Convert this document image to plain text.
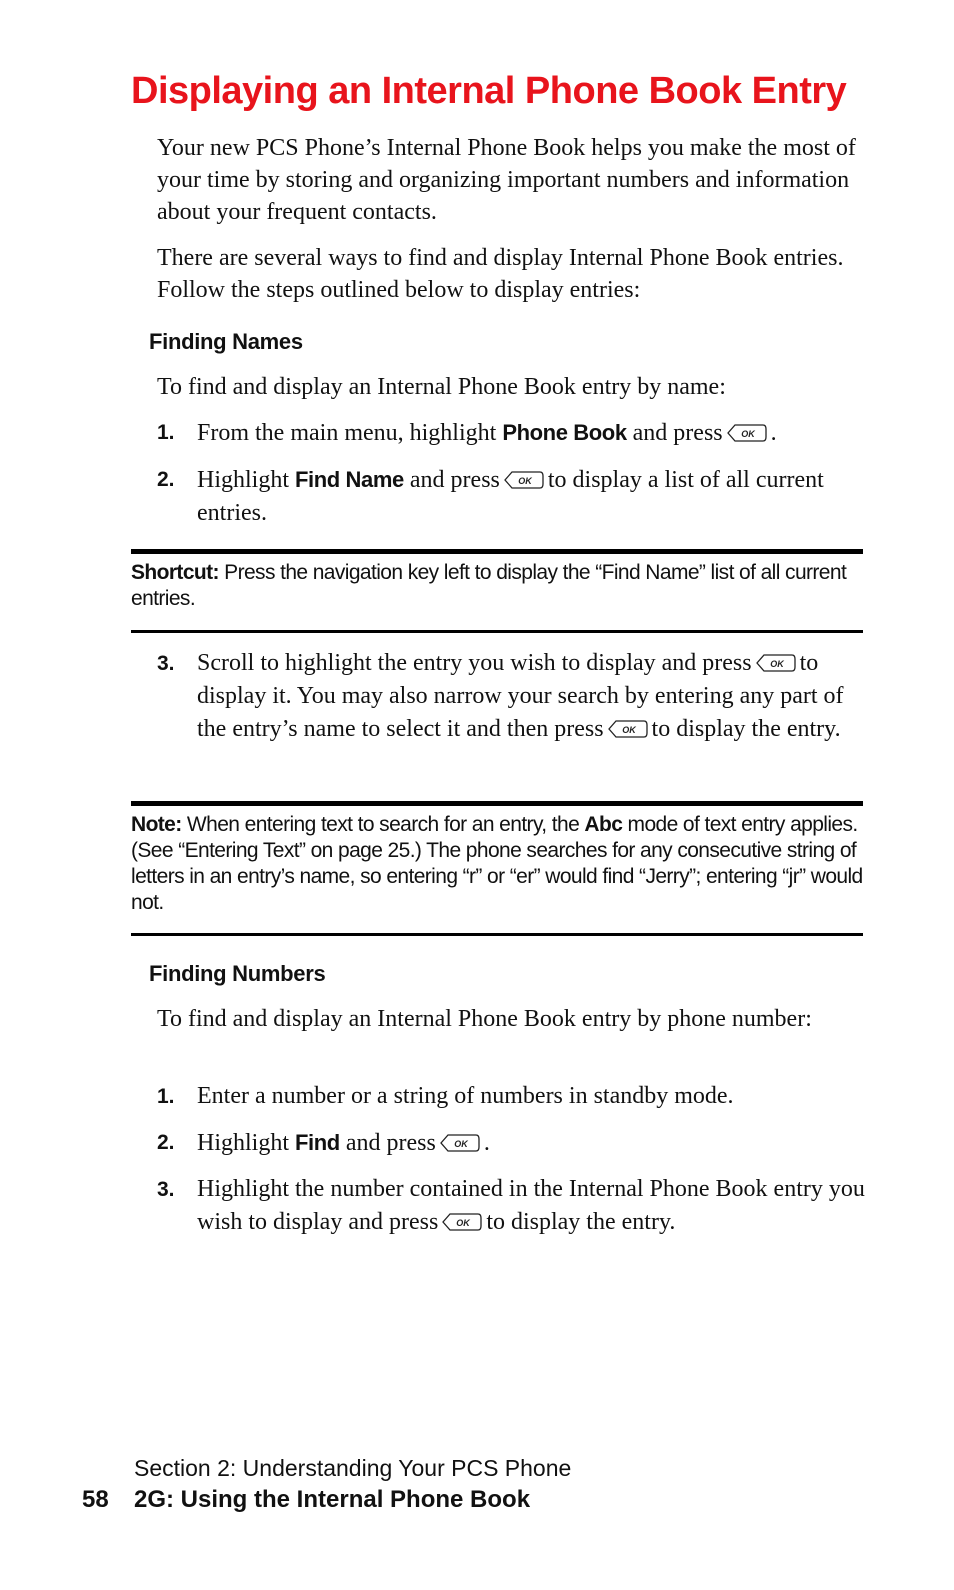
Displaying an Internal Phone Book Entry

Your new PCS Phone’s Internal Phone Book helps you make the most of your time by storing and organizing important numbers and information about your frequent contacts.

There are several ways to find and display Internal Phone Book entries. Follow the steps outlined below to display entries:

Finding Names

To find and display an Internal Phone Book entry by name:

1. From the main menu, highlight Phone Book and press .
2. Highlight Find Name and press to display a list of all current entries.
Shortcut: Press the navigation key left to display the “Find Name” list of all current entries.
3. Scroll to highlight the entry you wish to display and press to display it. You may also narrow your search by entering any part of the entry’s name to select it and then press to display the entry.
Note: When entering text to search for an entry, the Abc mode of text entry applies. (See “Entering Text” on page 25.) The phone searches for any consecutive string of letters in an entry’s name, so entering “r” or “er” would find “Jerry”; entering “jr” would not.
Finding Numbers

To find and display an Internal Phone Book entry by phone number:

1. Enter a number or a string of numbers in standby mode.
2. Highlight Find and press .
3. Highlight the number contained in the Internal Phone Book entry you wish to display and press to display the entry.
Section 2: Understanding Your PCS Phone
58 2G: Using the Internal Phone Book
